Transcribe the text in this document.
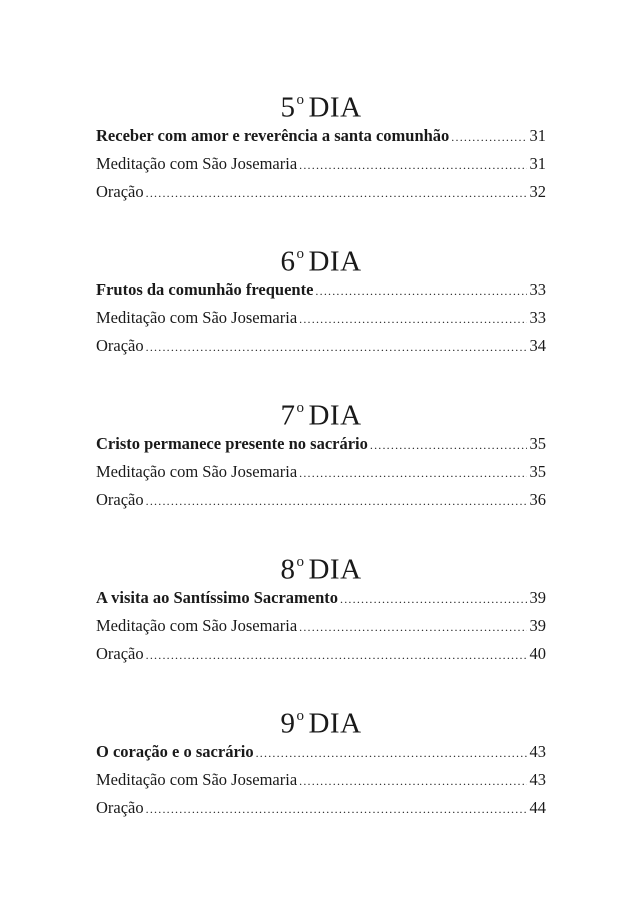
5$^o$ DIA
Receber com amor e reverência a santa comunhão .....	31
Meditação com São Josemaria .....	31
Oração .....	32
6$^o$ DIA
Frutos da comunhão frequente .....	33
Meditação com São Josemaria .....	33
Oração .....	34
7$^o$ DIA
Cristo permanece presente no sacrário .....	35
Meditação com São Josemaria .....	35
Oração .....	36
8$^o$ DIA
A visita ao Santíssimo Sacramento .....	39
Meditação com São Josemaria .....	39
Oração .....	40
9$^o$ DIA
O coração e o sacrário .....	43
Meditação com São Josemaria .....	43
Oração .....	44
